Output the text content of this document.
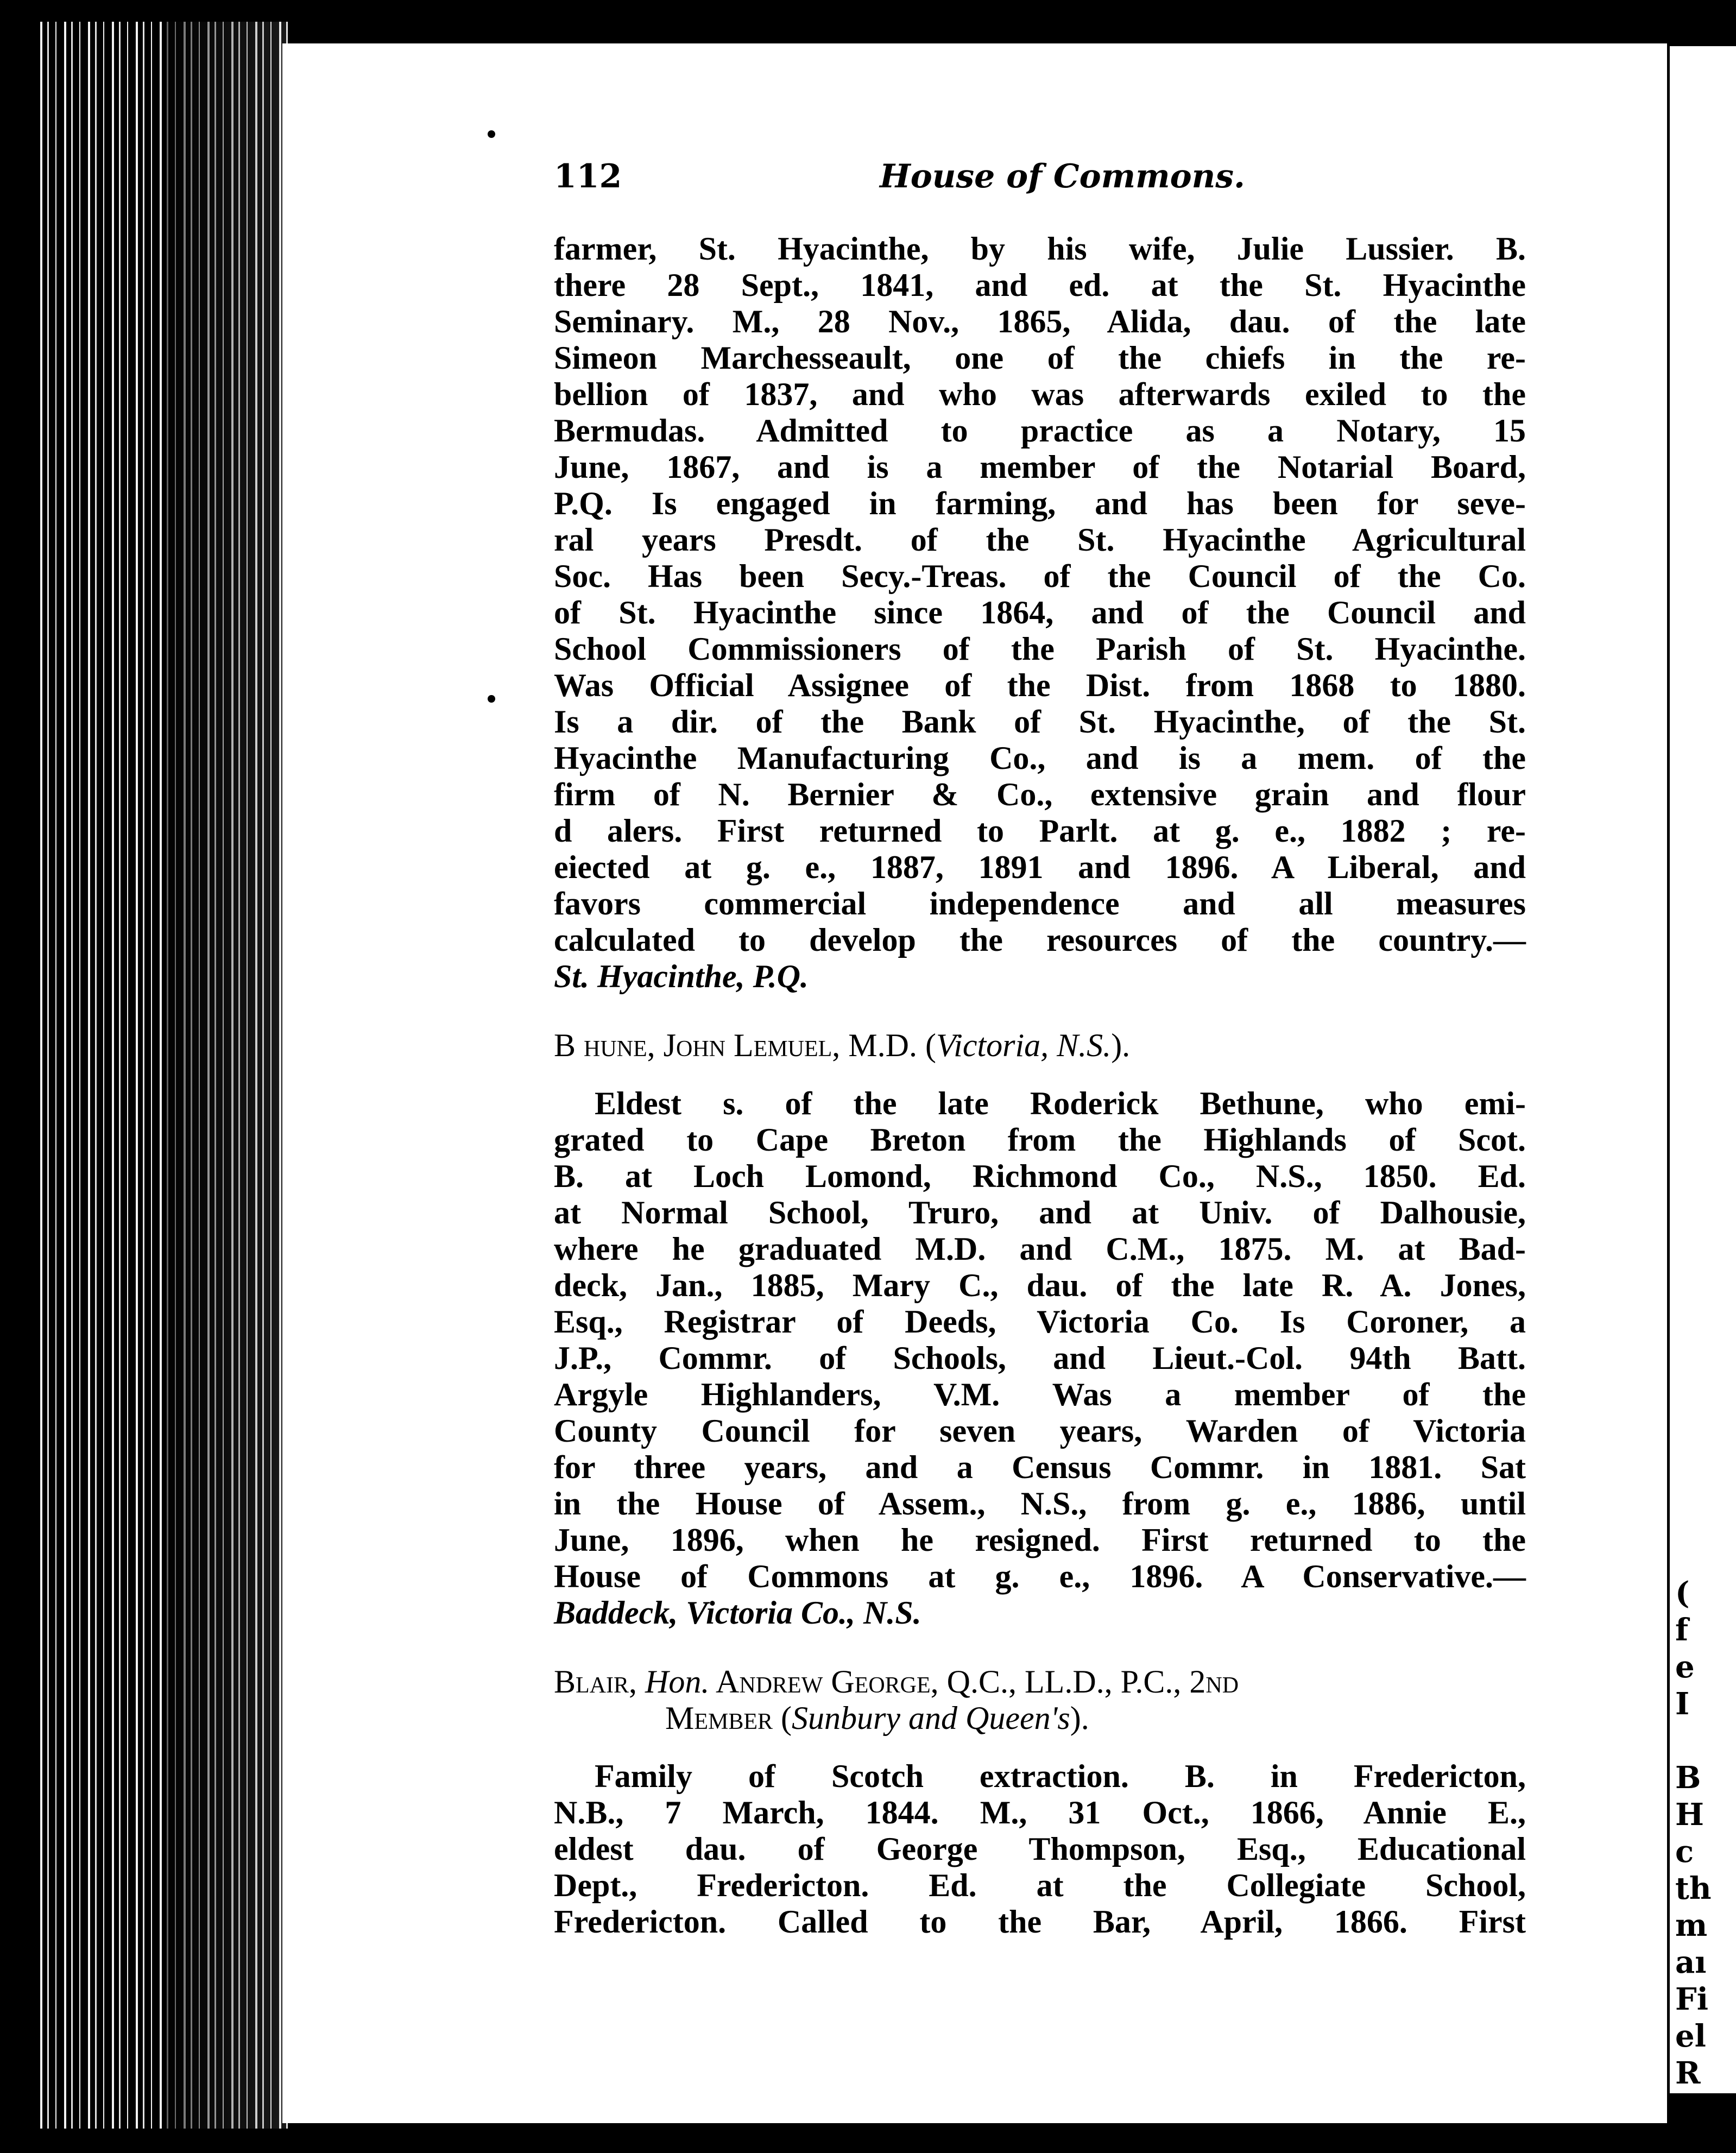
(
f
e
I
B
H
c
th
m
aı
Fi
el
R
va
112	House of Commons.
farmer, St. Hyacinthe, by his wife, Julie Lussier. B.
there 28 Sept., 1841, and ed. at the St. Hyacinthe
Seminary. M., 28 Nov., 1865, Alida, dau. of the late
Simeon Marchesseault, one of the chiefs in the re-
bellion of 1837, and who was afterwards exiled to the
Bermudas. Admitted to practice as a Notary, 15
June, 1867, and is a member of the Notarial Board,
P.Q. Is engaged in farming, and has been for seve-
ral years Presdt. of the St. Hyacinthe Agricultural
Soc. Has been Secy.-Treas. of the Council of the Co.
of St. Hyacinthe since 1864, and of the Council and
School Commissioners of the Parish of St. Hyacinthe.
Was Official Assignee of the Dist. from 1868 to 1880.
Is a dir. of the Bank of St. Hyacinthe, of the St.
Hyacinthe Manufacturing Co., and is a mem. of the
firm of N. Bernier & Co., extensive grain and flour
d alers. First returned to Parlt. at g. e., 1882 ; re-
eiected at g. e., 1887, 1891 and 1896. A Liberal, and
favors commercial independence and all measures
calculated to develop the resources of the country.—
St. Hyacinthe, P.Q.
B hune, John Lemuel, M.D. (Victoria, N.S.).
Eldest s. of the late Roderick Bethune, who emi-
grated to Cape Breton from the Highlands of Scot.
B. at Loch Lomond, Richmond Co., N.S., 1850. Ed.
at Normal School, Truro, and at Univ. of Dalhousie,
where he graduated M.D. and C.M., 1875. M. at Bad-
deck, Jan., 1885, Mary C., dau. of the late R. A. Jones,
Esq., Registrar of Deeds, Victoria Co. Is Coroner, a
J.P., Commr. of Schools, and Lieut.-Col. 94th Batt.
Argyle Highlanders, V.M. Was a member of the
County Council for seven years, Warden of Victoria
for three years, and a Census Commr. in 1881. Sat
in the House of Assem., N.S., from g. e., 1886, until
June, 1896, when he resigned. First returned to the
House of Commons at g. e., 1896. A Conservative.—
Baddeck, Victoria Co., N.S.
Blair, Hon. Andrew George, Q.C., LL.D., P.C., 2nd
Member (Sunbury and Queen's).
Family of Scotch extraction. B. in Fredericton,
N.B., 7 March, 1844. M., 31 Oct., 1866, Annie E.,
eldest dau. of George Thompson, Esq., Educational
Dept., Fredericton. Ed. at the Collegiate School,
Fredericton. Called to the Bar, April, 1866. First
